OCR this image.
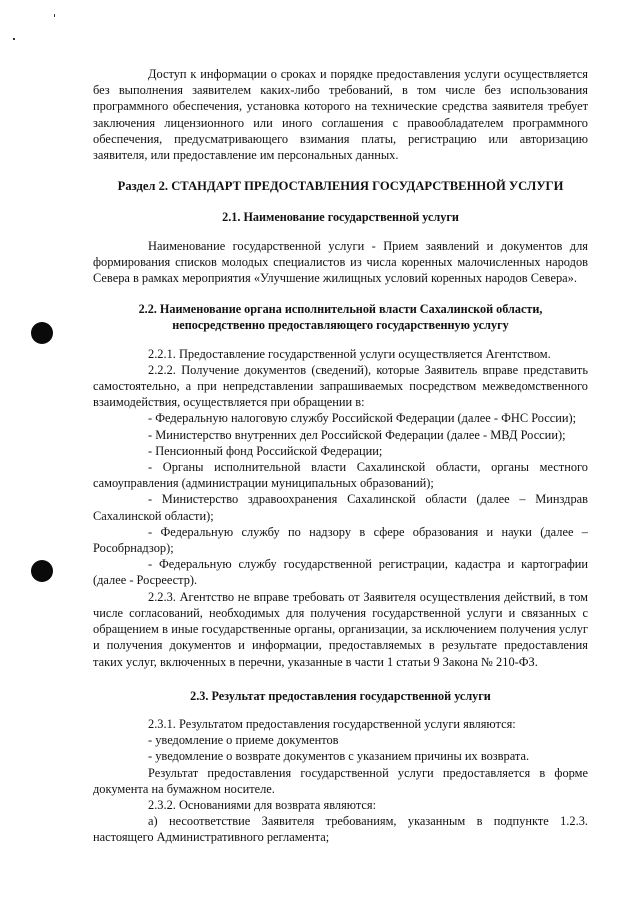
Доступ к информации о сроках и порядке предоставления услуги осуществляется без выполнения заявителем каких-либо требований, в том числе без использования программного обеспечения, установка которого на технические средства заявителя требует заключения лицензионного или иного соглашения с правообладателем программного обеспечения, предусматривающего взимания платы, регистрацию или авторизацию заявителя, или предоставление им персональных данных.

Раздел 2. СТАНДАРТ ПРЕДОСТАВЛЕНИЯ ГОСУДАРСТВЕННОЙ УСЛУГИ

2.1. Наименование государственной услуги

Наименование государственной услуги - Прием заявлений и документов для формирования списков молодых специалистов из числа коренных малочисленных народов Севера в рамках мероприятия «Улучшение жилищных условий коренных народов Севера».

2.2. Наименование органа исполнительной власти Сахалинской области,

непосредственно предоставляющего государственную услугу

2.2.1. Предоставление государственной услуги осуществляется Агентством.

2.2.2. Получение документов (сведений), которые Заявитель вправе представить самостоятельно, а при непредставлении запрашиваемых посредством межведомственного взаимодействия, осуществляется при обращении в:

- Федеральную налоговую службу Российской Федерации (далее - ФНС России);

- Министерство внутренних дел Российской Федерации (далее - МВД России);

- Пенсионный фонд Российской Федерации;

- Органы исполнительной власти Сахалинской области, органы местного самоуправления (администрации муниципальных образований);

- Министерство здравоохранения Сахалинской области (далее – Минздрав Сахалинской области);

- Федеральную службу по надзору в сфере образования и науки (далее – Рособрнадзор);

- Федеральную службу государственной регистрации, кадастра и картографии (далее - Росреестр).

2.2.3. Агентство не вправе требовать от Заявителя осуществления действий, в том числе согласований, необходимых для получения государственной услуги и связанных с обращением в иные государственные органы, организации, за исключением получения услуг и получения документов и информации, предоставляемых в результате предоставления таких услуг, включенных в перечни, указанные в части 1 статьи 9 Закона № 210-ФЗ.

2.3. Результат предоставления государственной услуги

2.3.1. Результатом предоставления государственной услуги являются:

- уведомление о приеме документов

- уведомление о возврате документов с указанием причины их возврата.

Результат предоставления государственной услуги предоставляется в форме документа на бумажном носителе.

2.3.2. Основаниями для возврата являются:

а) несоответствие Заявителя требованиям, указанным в подпункте 1.2.3. настоящего Административного регламента;
